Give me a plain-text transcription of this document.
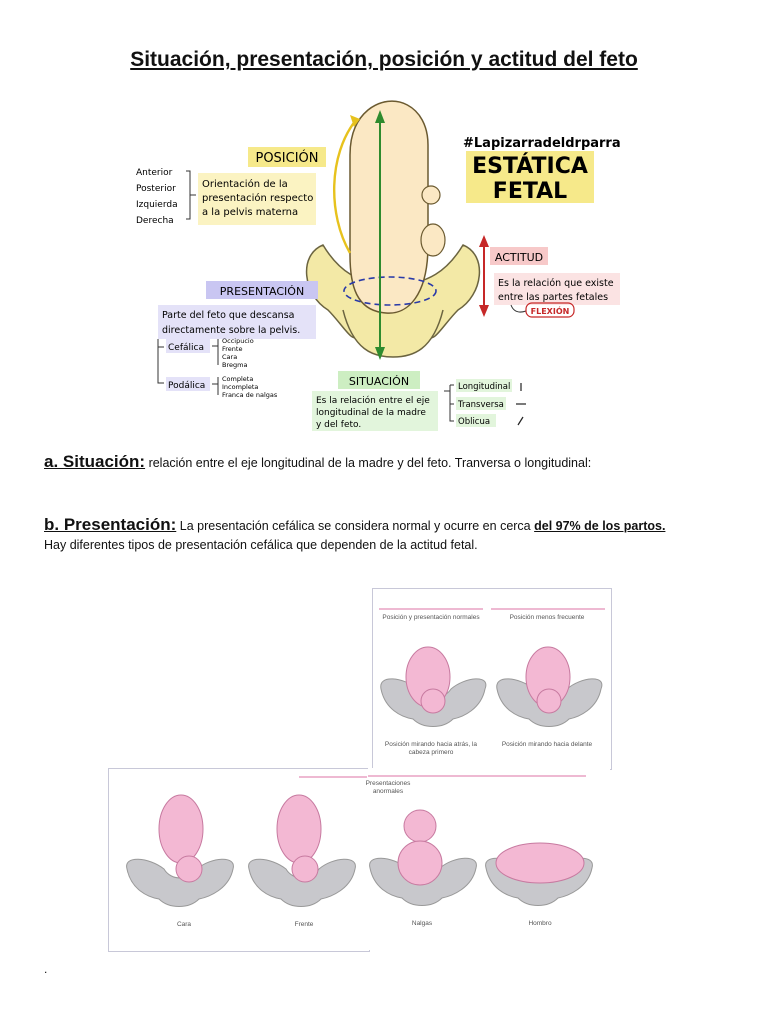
Situación, presentación, posición y actitud del feto
POSICIÓN
Anterior
Posterior
Izquierda
Derecha
Orientación de la
presentación respecto
a la pelvis materna
#Lapizarradeldrparra
ESTÁTICA
FETAL
ACTITUD
Es la relación que existe
entre las partes fetales
FLEXIÓN
PRESENTACIÓN
Parte del feto que descansa
directamente sobre la pelvis.
Cefálica
Occipucio
Frente
Cara
Bregma
Podálica
Completa
Incompleta
Franca de nalgas
SITUACIÓN
Es la relación entre el eje
longitudinal de la madre
y del feto.
Longitudinal
Transversa
Oblicua
a. Situación: relación entre el eje longitudinal de la madre y del feto. Tranversa o longitudinal:
b. Presentación: La presentación cefálica se considera normal y ocurre en cerca del 97% de los partos.
Hay diferentes tipos de presentación cefálica que dependen de la actitud fetal.
Posición y presentación normales	Posición menos frecuente
Posición mirando hacia atrás, la cabeza primero
Posición mirando hacia delante
Cara	Frente
Presentaciones anormales
Nalgas	Hombro
.
